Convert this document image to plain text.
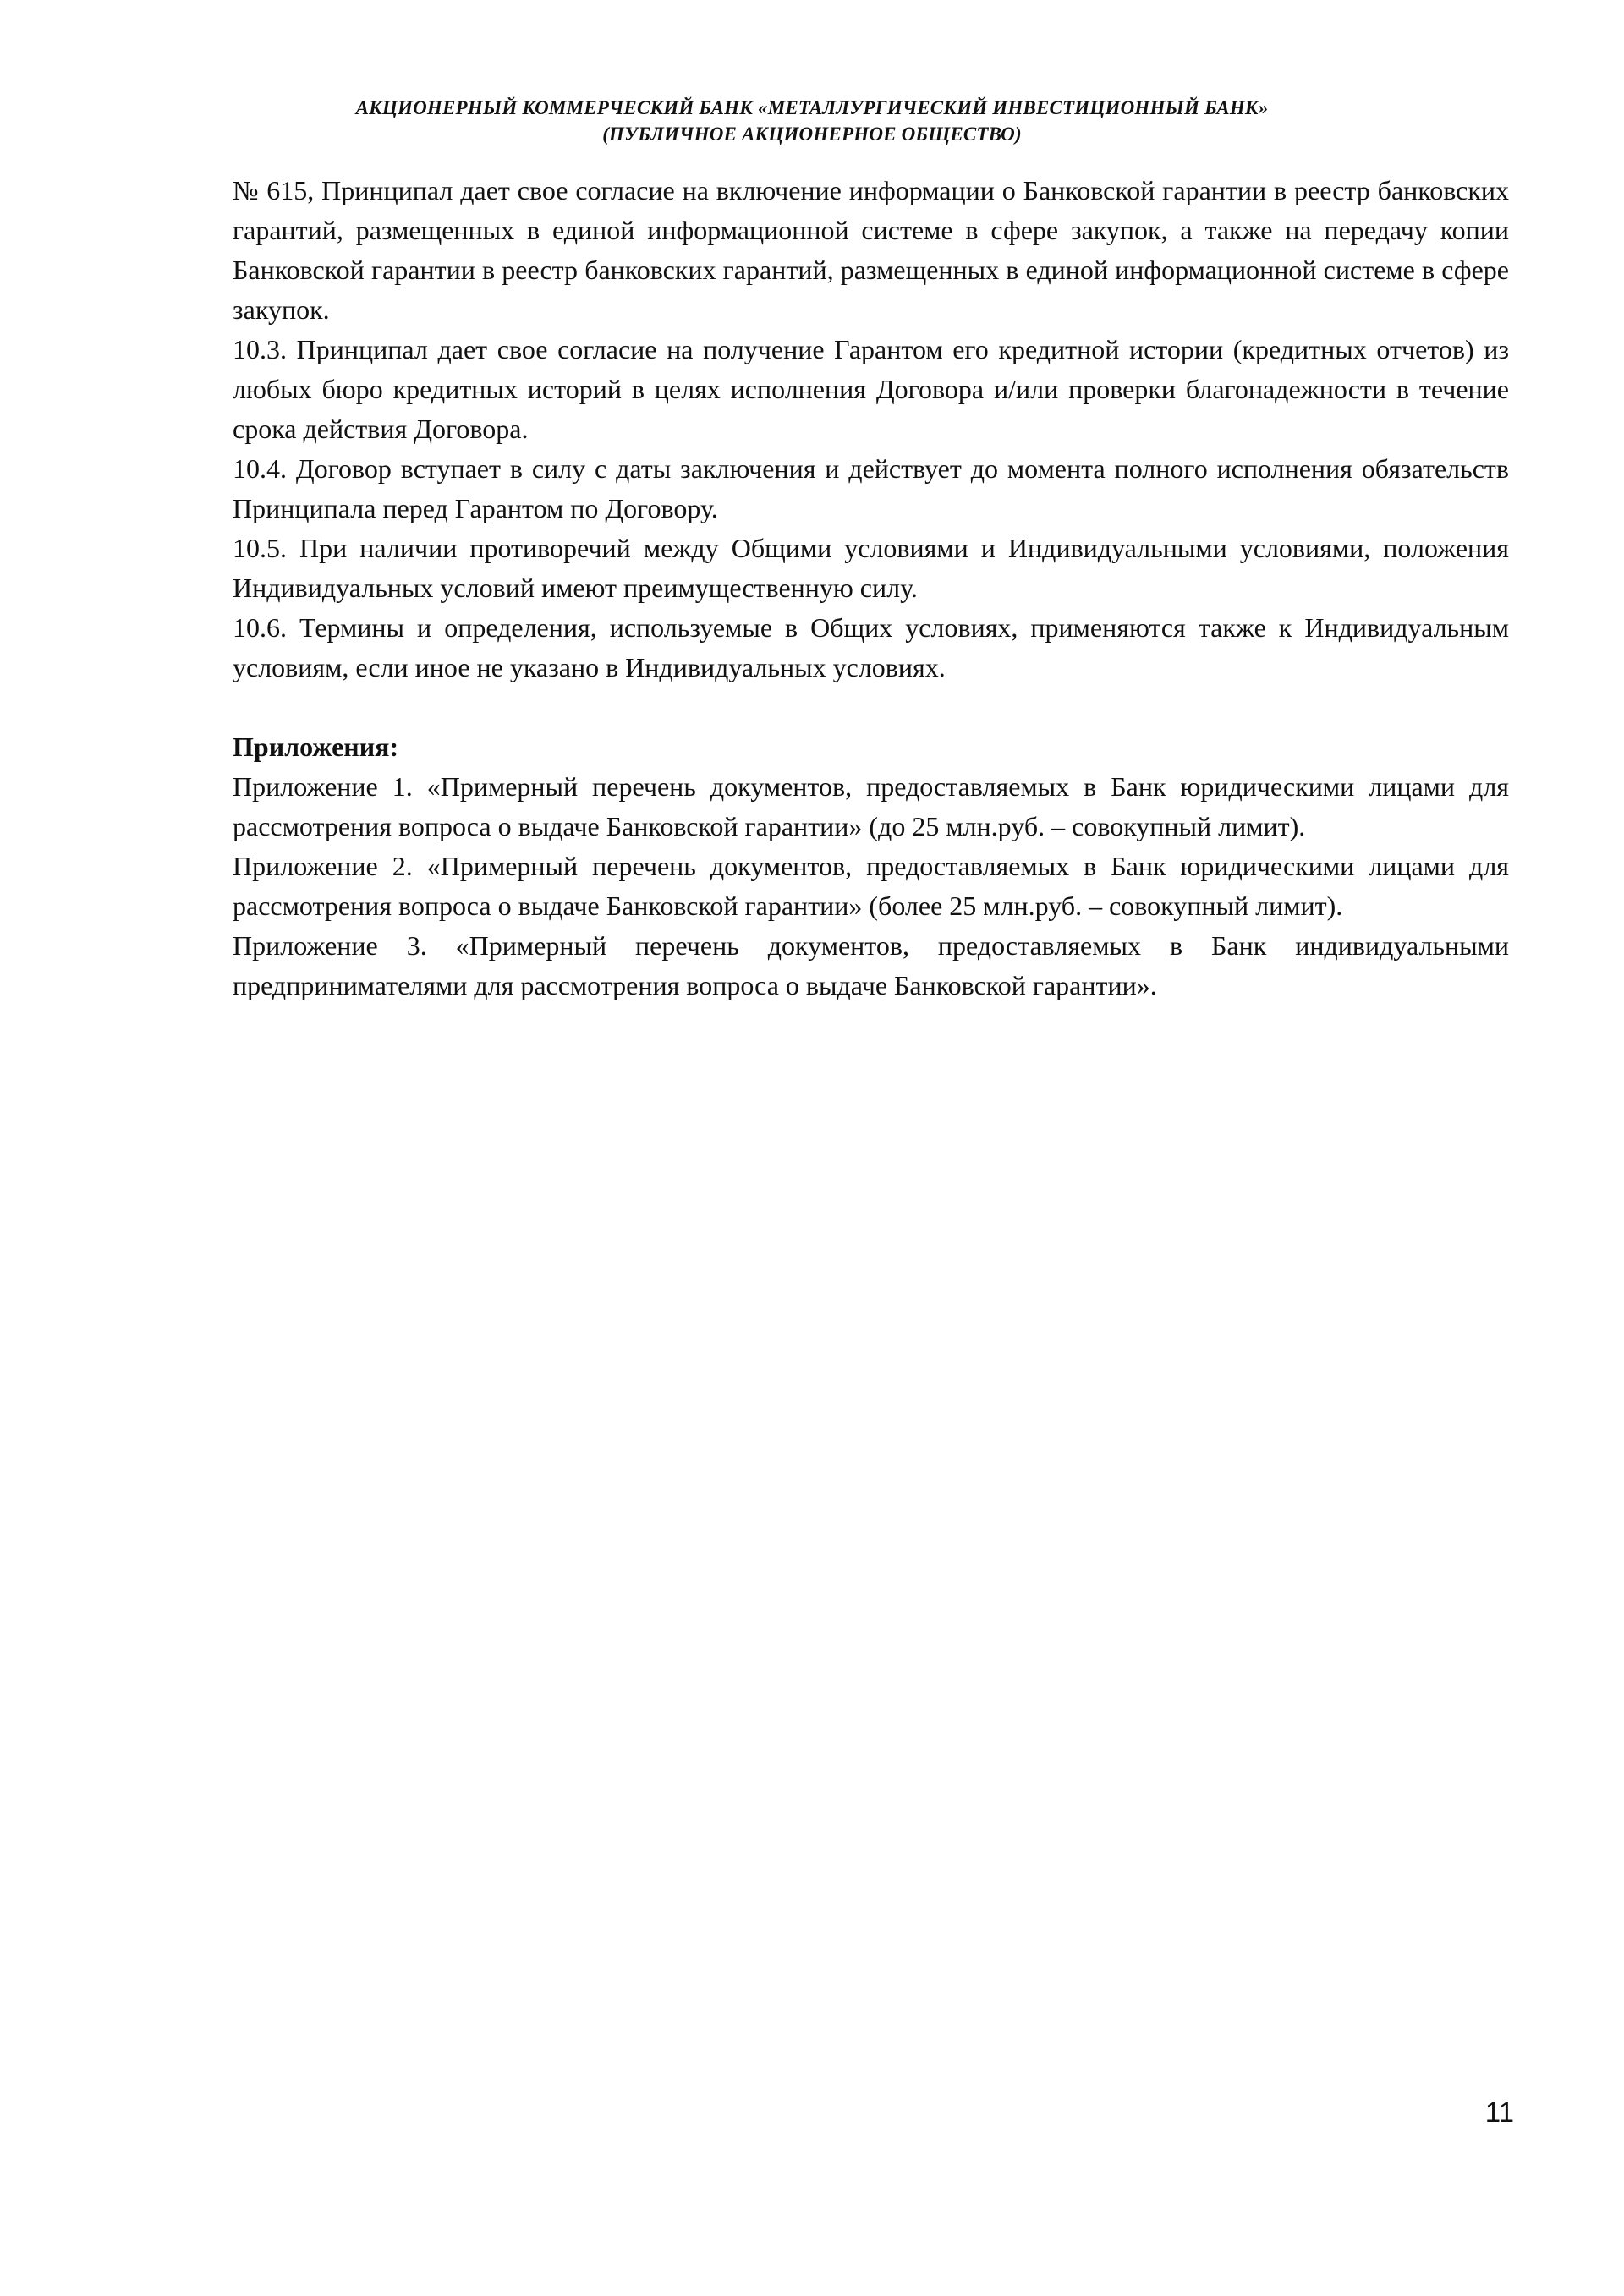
АКЦИОНЕРНЫЙ КОММЕРЧЕСКИЙ БАНК «МЕТАЛЛУРГИЧЕСКИЙ ИНВЕСТИЦИОННЫЙ БАНК»
(ПУБЛИЧНОЕ АКЦИОНЕРНОЕ ОБЩЕСТВО)

№ 615, Принципал дает свое согласие на включение информации о Банковской гарантии в реестр банковских гарантий, размещенных в единой информационной системе в сфере закупок, а также на передачу копии Банковской гарантии в реестр банковских гарантий, размещенных в единой информационной системе в сфере закупок.

10.3. Принципал дает свое согласие на получение Гарантом его кредитной истории (кредитных отчетов) из любых бюро кредитных историй в целях исполнения Договора и/или проверки благонадежности в течение срока действия Договора.

10.4. Договор вступает в силу с даты заключения и действует до момента полного исполнения обязательств Принципала перед Гарантом по Договору.

10.5. При наличии противоречий между Общими условиями и Индивидуальными условиями, положения Индивидуальных условий имеют преимущественную силу.

10.6. Термины и определения, используемые в Общих условиях, применяются также к Индивидуальным условиям, если иное не указано в Индивидуальных условиях.

Приложения:

Приложение 1. «Примерный перечень документов, предоставляемых в Банк юридическими лицами для рассмотрения вопроса о выдаче Банковской гарантии» (до 25 млн.руб. – совокупный лимит).

Приложение 2. «Примерный перечень документов, предоставляемых в Банк юридическими лицами для рассмотрения вопроса о выдаче Банковской гарантии» (более 25 млн.руб. – совокупный лимит).

Приложение 3. «Примерный перечень документов, предоставляемых в Банк индивидуальными предпринимателями для рассмотрения вопроса о выдаче Банковской гарантии».

11
